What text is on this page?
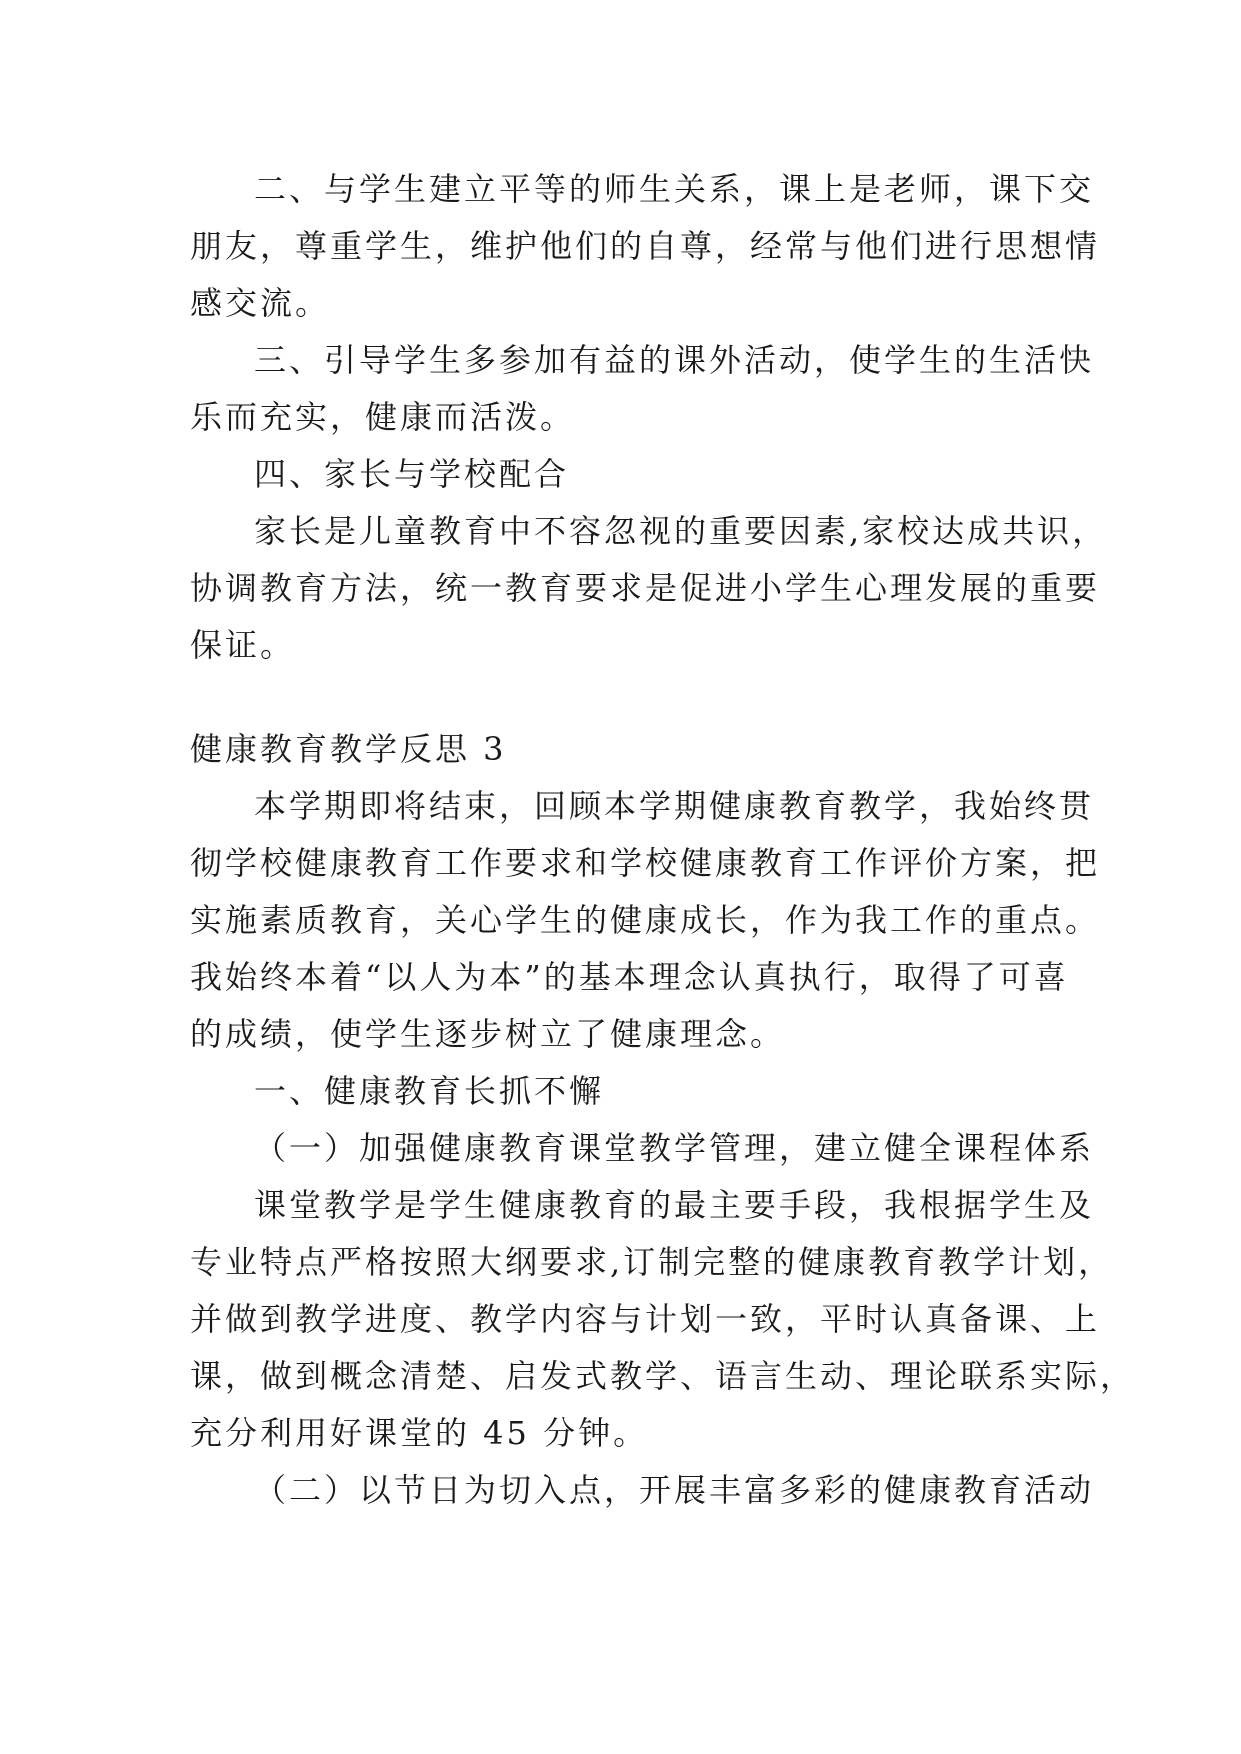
二、与学生建立平等的师生关系，课上是老师，课下交
朋友，尊重学生，维护他们的自尊，经常与他们进行思想情
感交流。
三、引导学生多参加有益的课外活动，使学生的生活快
乐而充实，健康而活泼。
四、家长与学校配合
家长是儿童教育中不容忽视的重要因素,家校达成共识，
协调教育方法，统一教育要求是促进小学生心理发展的重要
保证。
健康教育教学反思 3
本学期即将结束，回顾本学期健康教育教学，我始终贯
彻学校健康教育工作要求和学校健康教育工作评价方案，把
实施素质教育，关心学生的健康成长，作为我工作的重点。
我始终本着“以人为本”的基本理念认真执行，取得了可喜
的成绩，使学生逐步树立了健康理念。
一、健康教育长抓不懈
（一）加强健康教育课堂教学管理，建立健全课程体系
课堂教学是学生健康教育的最主要手段，我根据学生及
专业特点严格按照大纲要求,订制完整的健康教育教学计划，
并做到教学进度、教学内容与计划一致，平时认真备课、上
课，做到概念清楚、启发式教学、语言生动、理论联系实际，
充分利用好课堂的 45 分钟。
（二）以节日为切入点，开展丰富多彩的健康教育活动
